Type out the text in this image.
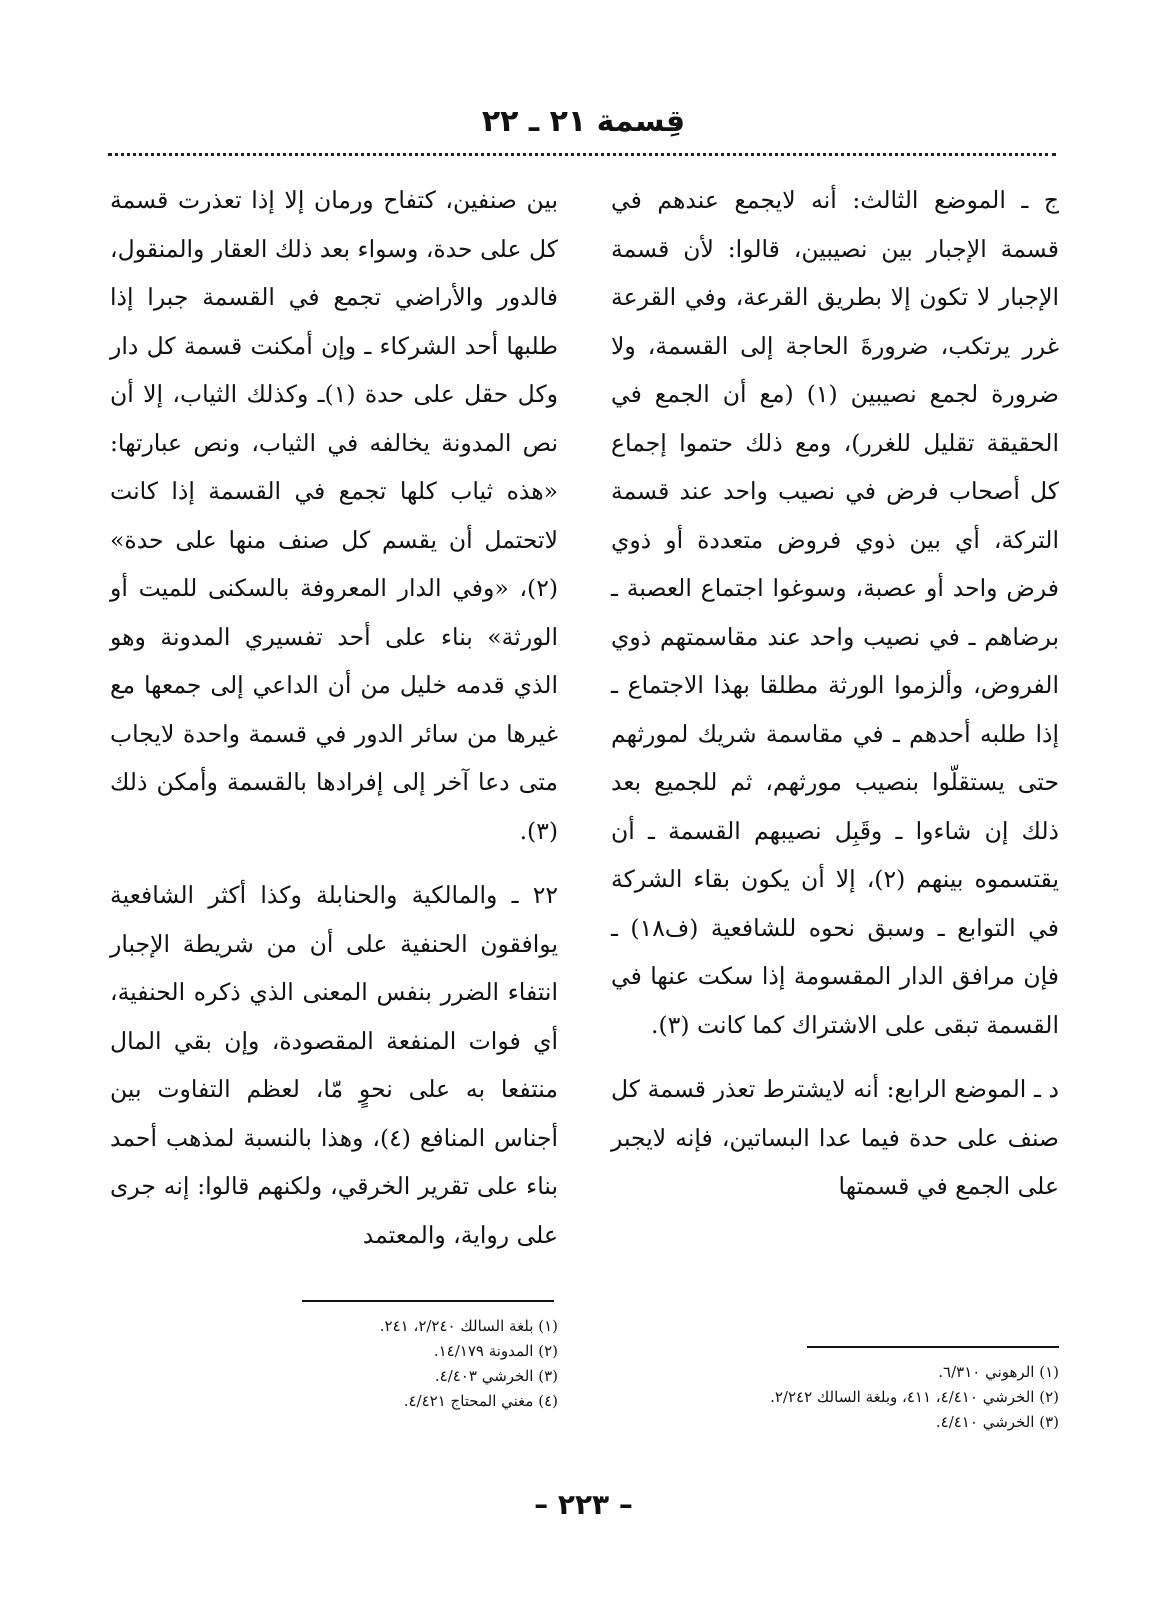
قِسمة ٢١ ـ ٢٢

ج ـ الموضع الثالث: أنه لايجمع عندهم في قسمة الإجبار بين نصيبين، قالوا: لأن قسمة الإجبار لا تكون إلا بطريق القرعة، وفي القرعة غرر يرتكب، ضرورةَ الحاجة إلى القسمة، ولا ضرورة لجمع نصيبين (١) (مع أن الجمع في الحقيقة تقليل للغرر)، ومع ذلك حتموا إجماع كل أصحاب فرض في نصيب واحد عند قسمة التركة، أي بين ذوي فروض متعددة أو ذوي فرض واحد أو عصبة، وسوغوا اجتماع العصبة ـ برضاهم ـ في نصيب واحد عند مقاسمتهم ذوي الفروض، وألزموا الورثة مطلقا بهذا الاجتماع ـ إذا طلبه أحدهم ـ في مقاسمة شريك لمورثهم حتى يستقلّوا بنصيب مورثهم، ثم للجميع بعد ذلك إن شاءوا ـ وقَبِل نصيبهم القسمة ـ أن يقتسموه بينهم (٢)، إلا أن يكون بقاء الشركة في التوابع ـ وسبق نحوه للشافعية (ف١٨) ـ فإن مرافق الدار المقسومة إذا سكت عنها في القسمة تبقى على الاشتراك كما كانت (٣).

د ـ الموضع الرابع: أنه لايشترط تعذر قسمة كل صنف على حدة فيما عدا البساتين، فإنه لايجبر على الجمع في قسمتها

بين صنفين، كتفاح ورمان إلا إذا تعذرت قسمة كل على حدة، وسواء بعد ذلك العقار والمنقول، فالدور والأراضي تجمع في القسمة جبرا إذا طلبها أحد الشركاء ـ وإن أمكنت قسمة كل دار وكل حقل على حدة (١)ـ وكذلك الثياب، إلا أن نص المدونة يخالفه في الثياب، ونص عبارتها: «هذه ثياب كلها تجمع في القسمة إذا كانت لاتحتمل أن يقسم كل صنف منها على حدة» (٢)، «وفي الدار المعروفة بالسكنى للميت أو الورثة» بناء على أحد تفسيري المدونة وهو الذي قدمه خليل من أن الداعي إلى جمعها مع غيرها من سائر الدور في قسمة واحدة لايجاب متى دعا آخر إلى إفرادها بالقسمة وأمكن ذلك (٣).

٢٢ ـ والمالكية والحنابلة وكذا أكثر الشافعية يوافقون الحنفية على أن من شريطة الإجبار انتفاء الضرر بنفس المعنى الذي ذكره الحنفية، أي فوات المنفعة المقصودة، وإن بقي المال منتفعا به على نحوٍ مّا، لعظم التفاوت بين أجناس المنافع (٤)، وهذا بالنسبة لمذهب أحمد بناء على تقرير الخرقي، ولكنهم قالوا: إنه جرى على رواية، والمعتمد

(١) بلغة السالك ٢/٢٤٠، ٢٤١.
(٢) المدونة ١٤/١٧٩.
(٣) الخرشي ٤/٤٠٣.
(٤) مغني المحتاج ٤/٤٢١.
(١) الرهوني ٦/٣١٠.
(٢) الخرشي ٤/٤١٠، ٤١١، وبلغة السالك ٢/٢٤٢.
(٣) الخرشي ٤/٤١٠.
– ٢٢٣ –
